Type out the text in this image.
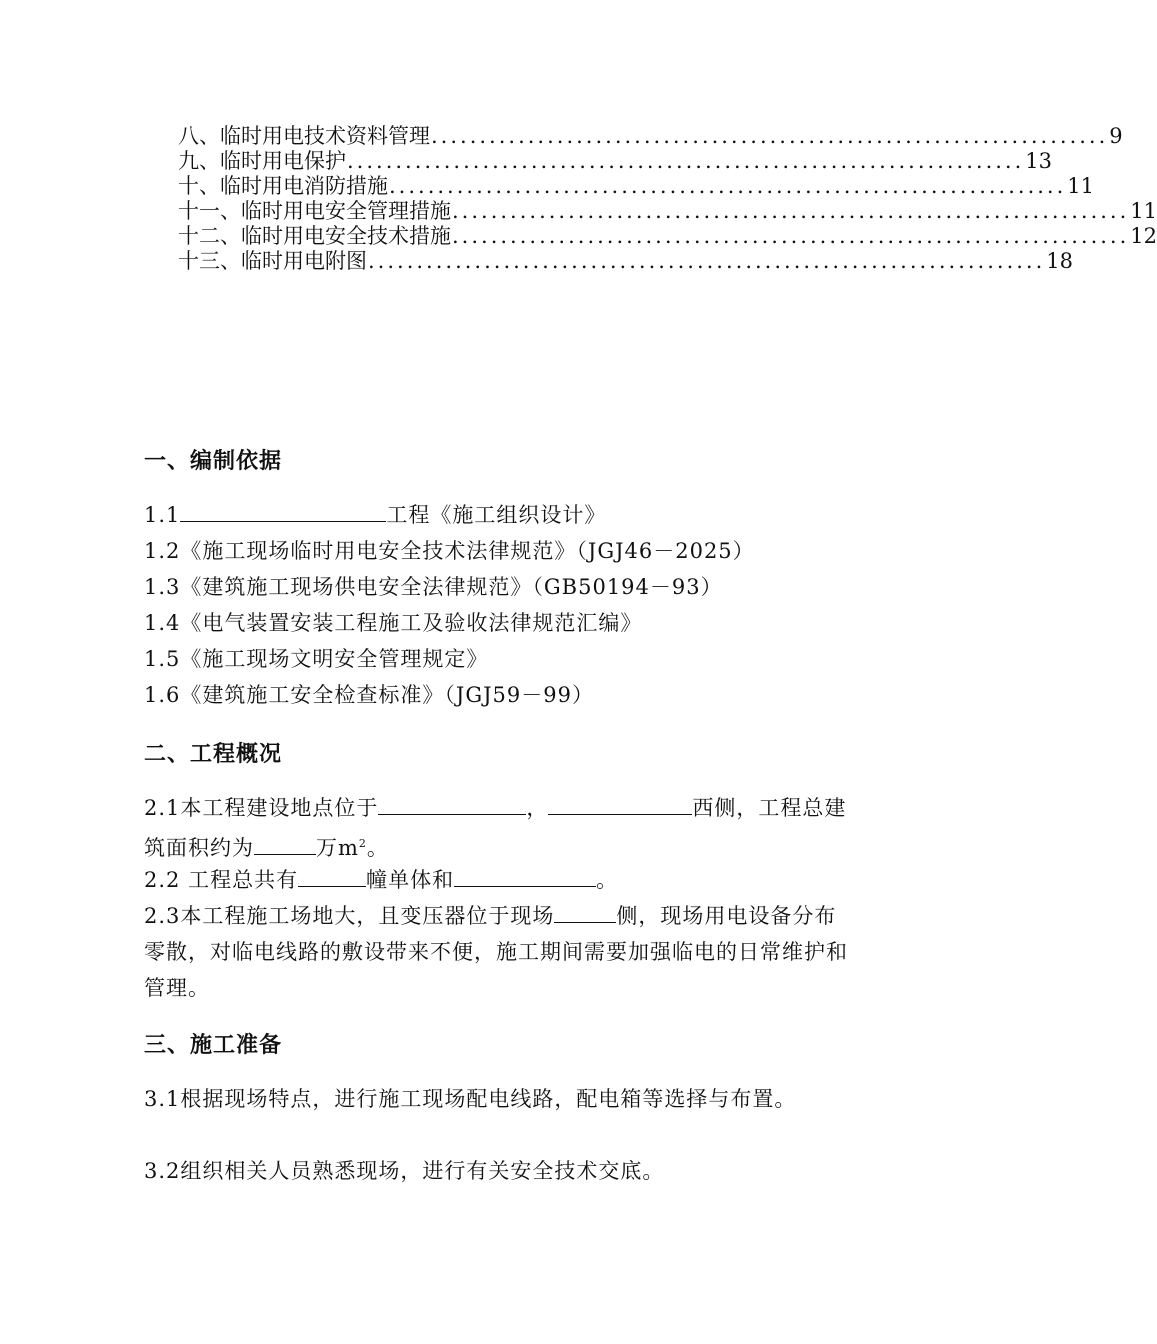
八、临时用电技术资料管理 ...................................................................... 9
九、临时用电保护 ...................................................................... 13
十、临时用电消防措施 ...................................................................... 11
十一、临时用电安全管理措施 ...................................................................... 11
十二、临时用电安全技术措施 ...................................................................... 12
十三、临时用电附图 ...................................................................... 18
一、编制依据
1.1	工程《施工组织设计》
1.2《施工现场临时用电安全技术法律规范》（JGJ46－2025）
1.3《建筑施工现场供电安全法律规范》（GB50194－93）
1.4《电气装置安装工程施工及验收法律规范汇编》
1.5《施工现场文明安全管理规定》
1.6《建筑施工安全检查标准》（JGJ59－99）
二、工程概况
2.1本工程建设地点位于	，	西侧，工程总建筑面积约为	万$m^2$。
2.2 工程总共有	幢单体和	。
2.3本工程施工场地大，且变压器位于现场	侧，现场用电设备分布零散，对临电线路的敷设带来不便，施工期间需要加强临电的日常维护和管理。
三、施工准备
3.1根据现场特点，进行施工现场配电线路，配电箱等选择与布置。
3.2组织相关人员熟悉现场，进行有关安全技术交底。
